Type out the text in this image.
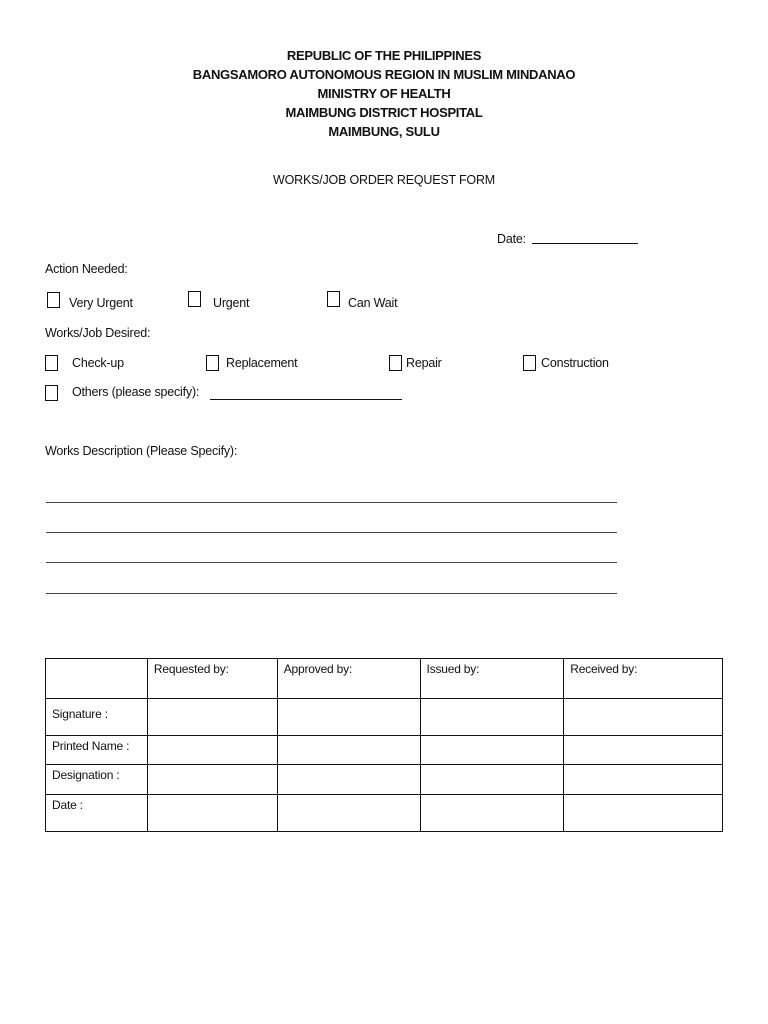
REPUBLIC OF THE PHILIPPINES
BANGSAMORO AUTONOMOUS REGION IN MUSLIM MINDANAO
MINISTRY OF HEALTH
MAIMBUNG DISTRICT HOSPITAL
MAIMBUNG, SULU
WORKS/JOB ORDER REQUEST FORM
Date:
Action Needed:
Very Urgent	Urgent	Can Wait
Works/Job Desired:
Check-up	Replacement	Repair	Construction
Others (please specify):
Works Description (Please Specify):
	Requested by:	Approved by:	Issued by:	Received by:
Signature :				
Printed Name :				
Designation :				
Date :				
